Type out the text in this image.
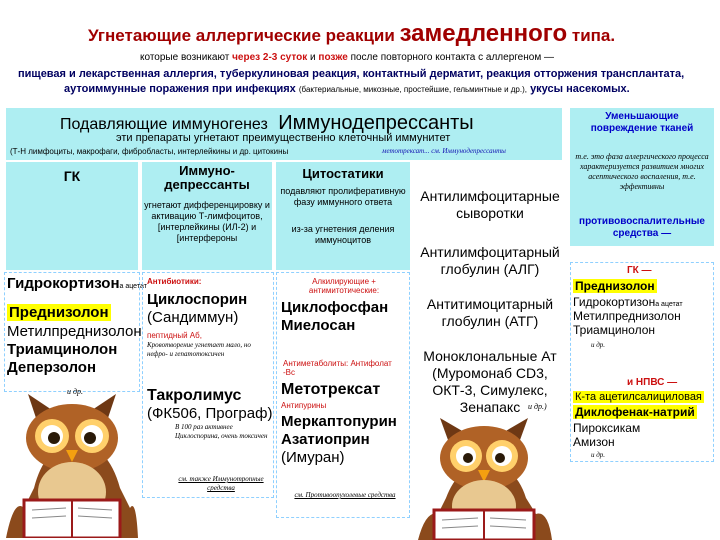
Угнетающие аллергические реакции замедленного типа.
которые возникают через 2-3 суток и позже после повторного контакта с аллергеном —
пищевая и лекарственная аллергия, туберкулиновая реакция, контактный дерматит, реакция отторжения трансплантата,
аутоиммунные поражения при инфекциях (бактериальные, микозные, простейшие, гельминтные и др.), укусы насекомых.
Подавляющие иммуногенез Иммунодепрессанты
эти препараты угнетают преимущественно клеточный иммунитет
(Т-Н лимфоциты, макрофаги, фибробласты, интерлейкины и др. цитокины	метотрексат... см. Иммунодепрессанты
Уменьшающие повреждение тканей
т.е. это фаза аллергического процесса характеризуется развитием многих асептического воспаления, т.е. эффективны
противовоспалительные средства —
ГК	Иммуно-депрессанты
угнетают дифференцировку и активацию Т-лимфоцитов, [интерлейкины (ИЛ-2) и [интерфероны
Цитостатики
подавляют пролиферативную фазу иммунного ответа
из-за угнетения деления иммуноцитов
Антилимфоцитарные сыворотки
Антилимфоцитарный глобулин (АЛГ)
Антитимоцитарный глобулин (АТГ)
Моноклональные Ат (Муромонаб CD3, ОКТ-3, Симулекс, Зенапакс и др.)
Гидрокортизона ацетат
Преднизолон
Метилпреднизолон
Триамцинолон
Деперзолон
и др.
Антибиотики:
Циклоспорин
(Сандиммун)
пептидный Аб,
Кровотворение угнетает мало, но нефро- и гепатотоксичен
Такролимус
(ФК506, Програф)
В 100 раз активнее Циклоспорина, очень токсичен
см. также Иммунотропные средства
Алкилирующие + антимитотические:
Циклофосфан
Миелосан
Антиметаболиты: Антифолат -Вс
Метотрексат
Антипурины
Меркаптопурин
Азатиоприн
(Имуран)
см. Противоопухолевые средства
ГК —
Преднизолон
Гидрокортизона ацетат
Метилпреднизолон
Триамцинолон
и др.
и НПВС —
К-та ацетилсалициловая
Диклофенак-натрий
Пироксикам
Амизон
и др.
